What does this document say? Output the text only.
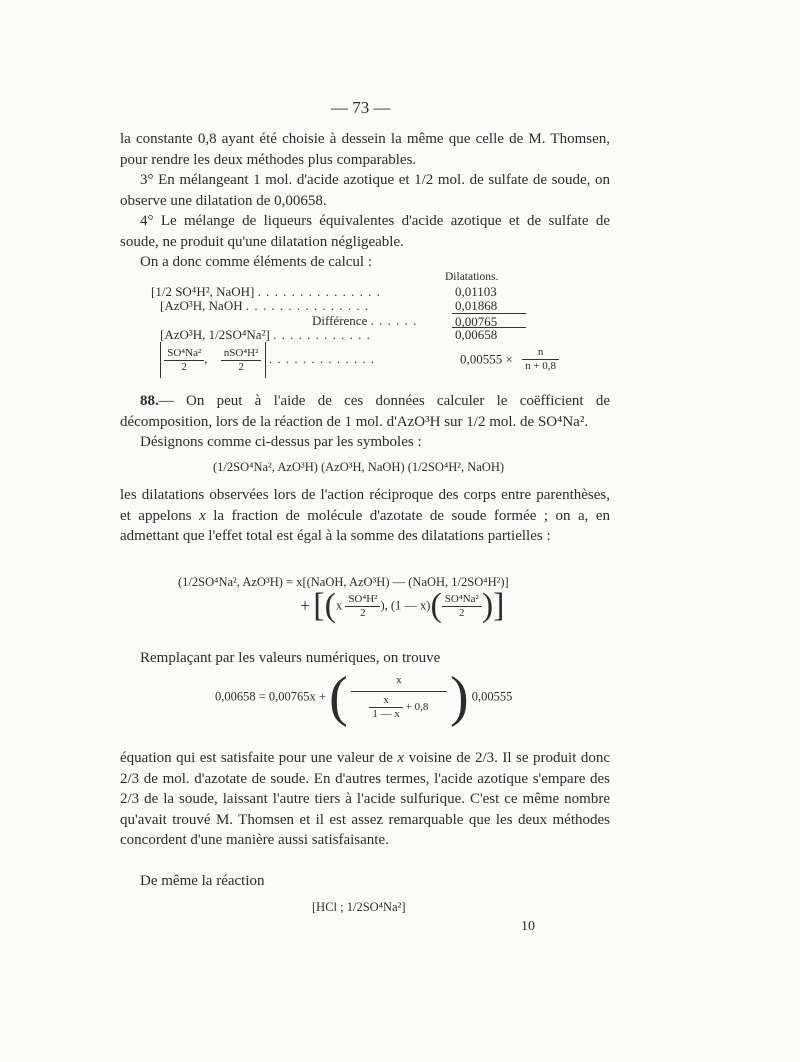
— 73 —
la constante 0,8 ayant été choisie à dessein la même que celle de M. Thomsen, pour rendre les deux méthodes plus comparables.
3° En mélangeant 1 mol. d'acide azotique et 1/2 mol. de sulfate de soude, on observe une dilatation de 0,00658.
4° Le mélange de liqueurs équivalentes d'acide azotique et de sulfate de soude, ne produit qu'une dilatation négligeable.
On a donc comme éléments de calcul :
Dilatations.
[1/2 SO⁴H², NaOH] . . . . . . . . . . . . . . .	0,01103
[AzO³H, NaOH . . . . . . . . . . . . . . .	0,01868
Différence . . . . . .	0,00765
[AzO³H, 1/2SO⁴Na²] . . . . . . . . . . . .	0,00658

$\frac{\text{SO⁴Na²}}{2}$ , $\frac{\text{nSO⁴H²}}{2}$ . . . . . . . . . . . . .	$0,00555 \times \frac{n}{n + 0,8}$
88.— On peut à l'aide de ces données calculer le coëfficient de décomposition, lors de la réaction de 1 mol. d'AzO³H sur 1/2 mol. de SO⁴Na².
Désignons comme ci-dessus par les symboles :
(1/2SO⁴Na², AzO³H) (AzO³H, NaOH) (1/2SO⁴H², NaOH)
les dilatations observées lors de l'action réciproque des corps entre parenthèses, et appelons x la fraction de molécule d'azotate de soude formée ; on a, en admettant que l'effet total est égal à la somme des dilatations partielles :
(1/2SO⁴Na², AzO³H) = x[(NaOH, AzO³H) — (NaOH, 1/2SO⁴H²)]
+ [($x \frac{\text{SO⁴H²}}{2}$ ), (1 — $x)( \frac{\text{SO⁴Na²}}{2}$ )]
Remplaçant par les valeurs numériques, on trouve
0,00658 = 0,00765x + ( $\frac{x}{\frac{x}{1 — x} + 0,8}$ ) 0,00555
équation qui est satisfaite pour une valeur de x voisine de 2/3. Il se produit donc 2/3 de mol. d'azotate de soude. En d'autres termes, l'acide azotique s'empare des 2/3 de la soude, laissant l'autre tiers à l'acide sulfurique. C'est ce même nombre qu'avait trouvé M. Thomsen et il est assez remarquable que les deux méthodes concordent d'une manière aussi satisfaisante.
De même la réaction
[HCl ; 1/2SO⁴Na²]
10
